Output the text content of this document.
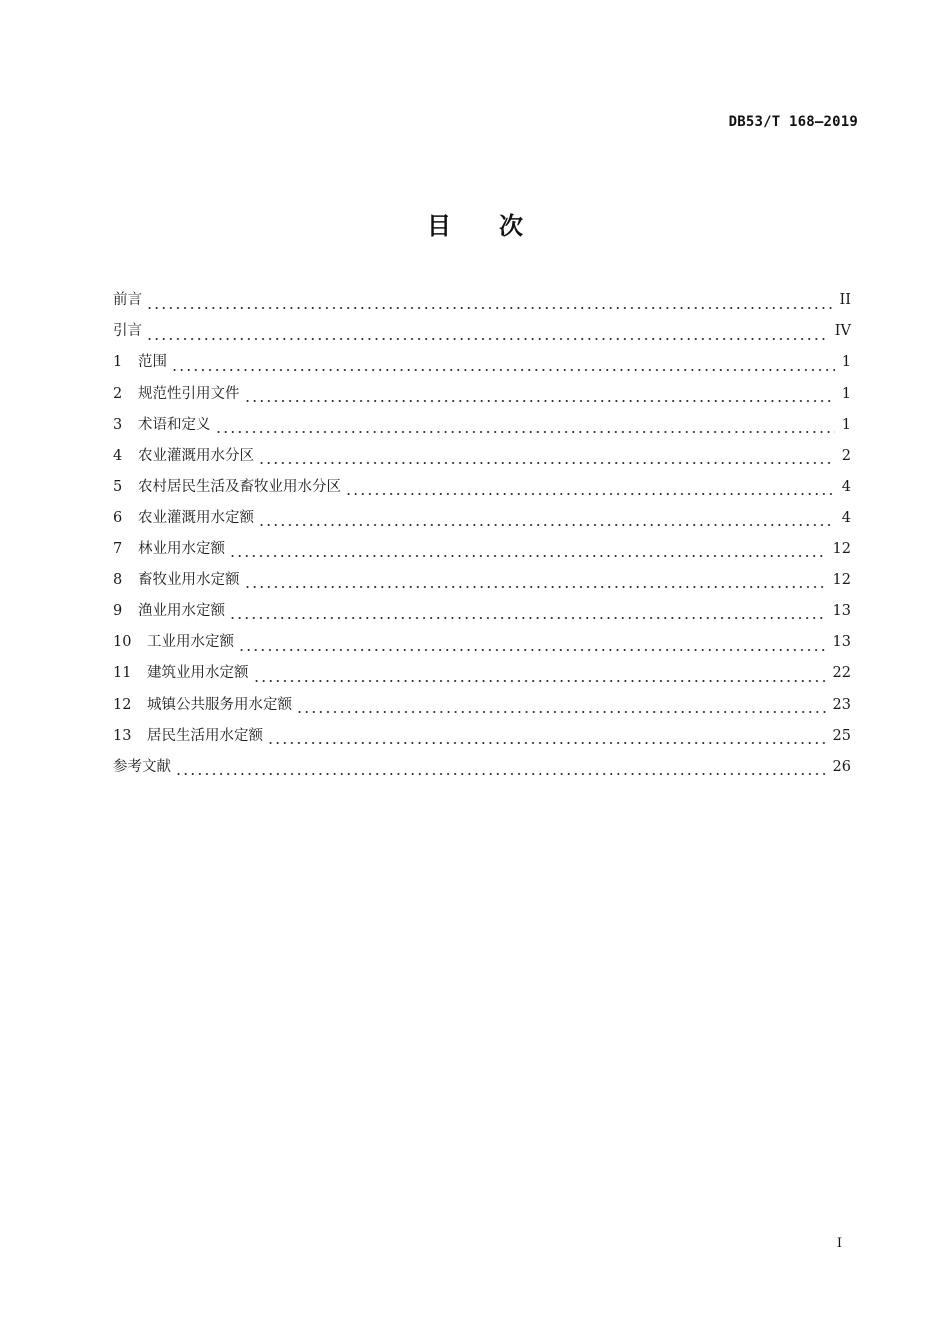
DB53/T 168—2019
目次
前言	II
引言	IV
1	范围	1
2	规范性引用文件	1
3	术语和定义	1
4	农业灌溉用水分区	2
5	农村居民生活及畜牧业用水分区	4
6	农业灌溉用水定额	4
7	林业用水定额	12
8	畜牧业用水定额	12
9	渔业用水定额	13
10	工业用水定额	13
11	建筑业用水定额	22
12	城镇公共服务用水定额	23
13	居民生活用水定额	25
参考文献	26
I
